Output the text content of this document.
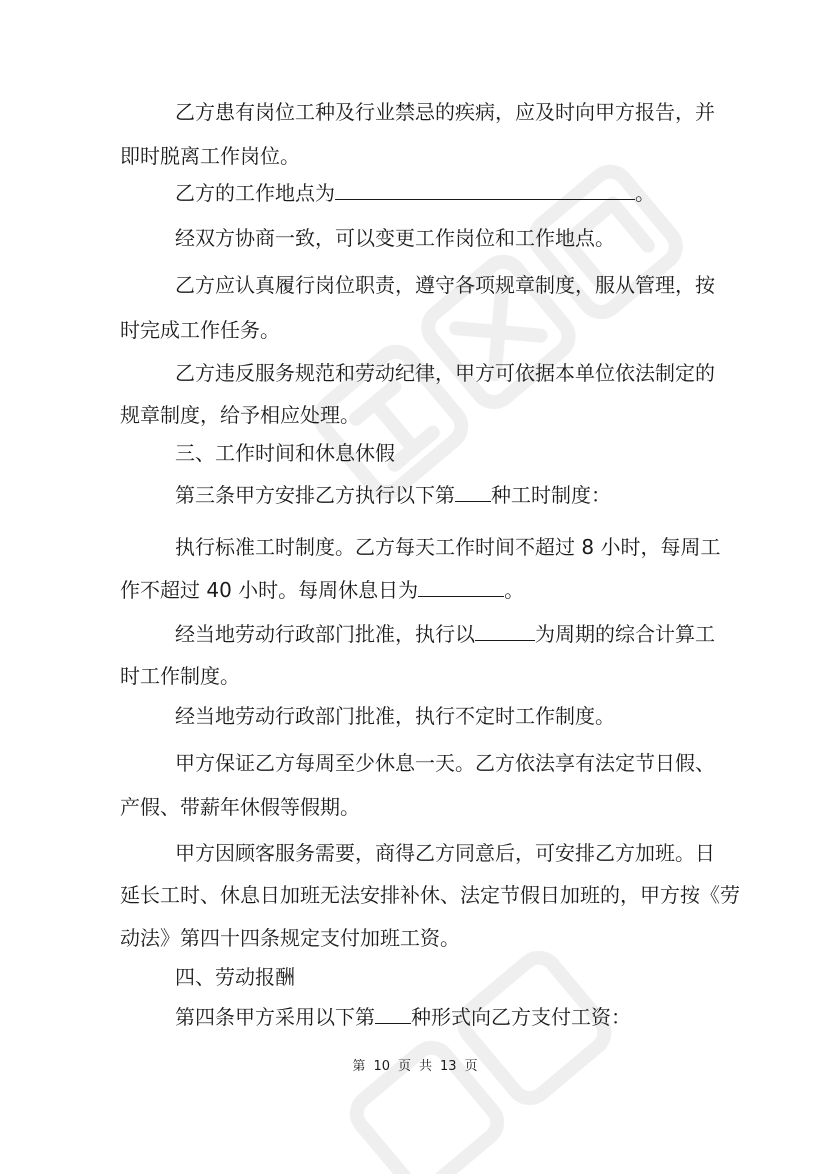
乙方患有岗位工种及行业禁忌的疾病，应及时向甲方报告，并
即时脱离工作岗位。
乙方的工作地点为	。
经双方协商一致，可以变更工作岗位和工作地点。
乙方应认真履行岗位职责，遵守各项规章制度，服从管理，按
时完成工作任务。
乙方违反服务规范和劳动纪律，甲方可依据本单位依法制定的
规章制度，给予相应处理。
三、工作时间和休息休假
第三条甲方安排乙方执行以下第 种工时制度：
执行标准工时制度。乙方每天工作时间不超过 8 小时，每周工
作不超过 40 小时。每周休息日为	。
经当地劳动行政部门批准，执行以	为周期的综合计算工
时工作制度。
经当地劳动行政部门批准，执行不定时工作制度。
甲方保证乙方每周至少休息一天。乙方依法享有法定节日假、
产假、带薪年休假等假期。
甲方因顾客服务需要，商得乙方同意后，可安排乙方加班。日
延长工时、休息日加班无法安排补休、法定节假日加班的，甲方按《劳
动法》第四十四条规定支付加班工资。
四、劳动报酬
第四条甲方采用以下第 种形式向乙方支付工资：
第 10 页 共 13 页
